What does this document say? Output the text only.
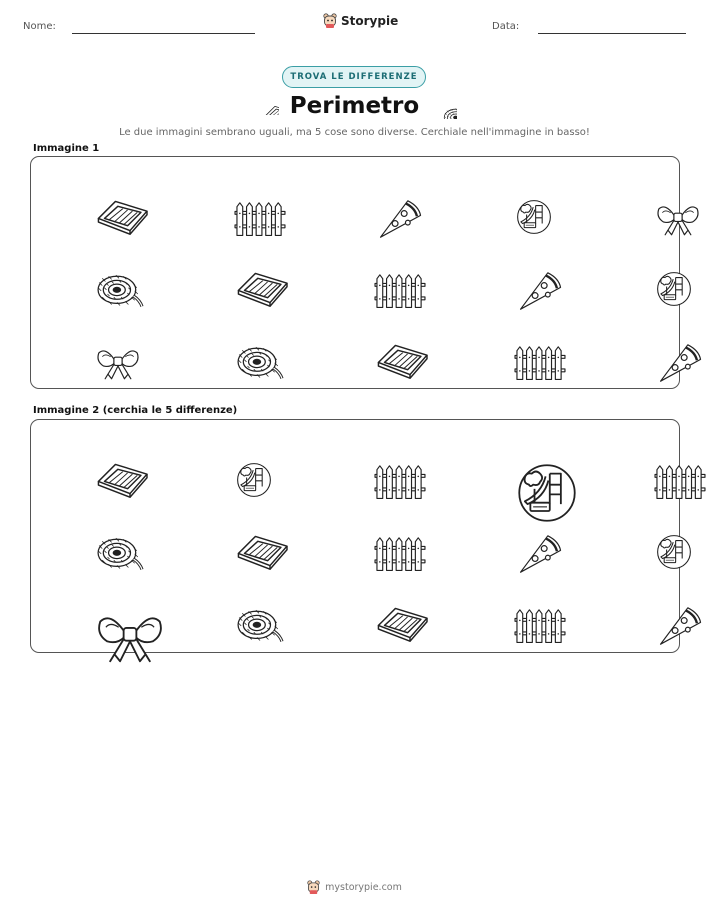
Nome:	Storypie	Data:
TROVA LE DIFFERENZE
Perimetro
Le due immagini sembrano uguali, ma 5 cose sono diverse. Cerchiale nell'immagine in basso!
Immagine 1
Immagine 2 (cerchia le 5 differenze)
mystorypie.com
